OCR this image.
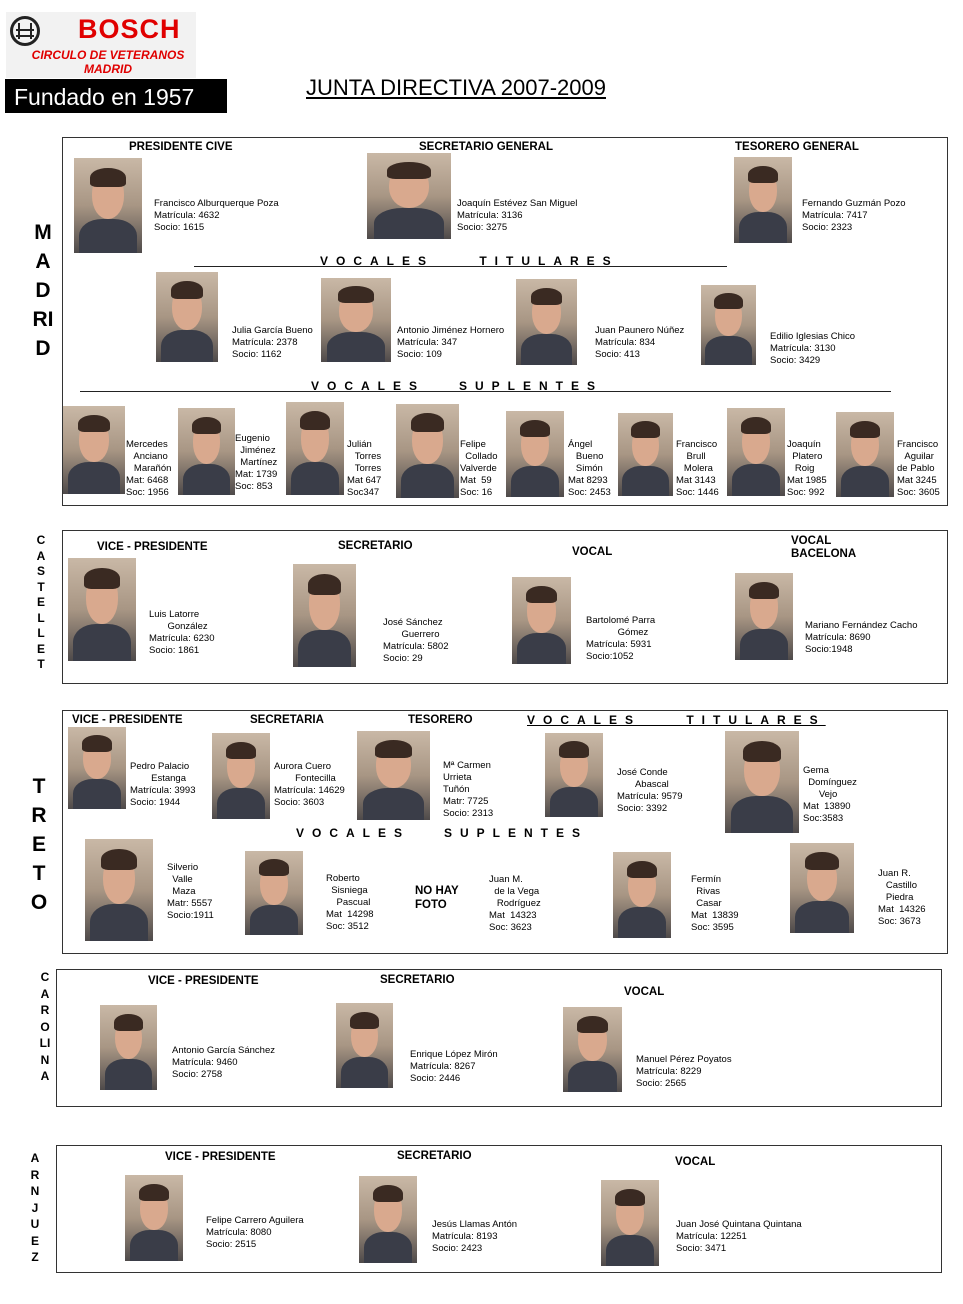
BOSCH
CIRCULO DE VETERANOS
MADRID
Fundado en 1957	JUNTA DIRECTIVA 2007-2009
MADRID
PRESIDENTE CIVE	SECRETARIO GENERAL	TESORERO GENERAL
Francisco Alburquerque Poza
Matrícula: 4632
Socio: 1615
Joaquín Estévez San Miguel
Matrícula: 3136
Socio: 3275
Fernando Guzmán Pozo
Matrícula: 7417
Socio: 2323
VOCALES    TITULARES
Julia García Bueno
Matrícula: 2378
Socio: 1162
Antonio Jiménez Hornero
Matrícula: 347
Socio: 109
Juan Paunero Núñez
Matrícula: 834
Socio: 413
Edilio Iglesias Chico
Matrícula: 3130
Socio: 3429
VOCALES   SUPLENTES
Mercedes
Anciano
Marañón
Mat: 6468
Soc: 1956
Eugenio
Jiménez
Martínez
Mat: 1739
Soc: 853
Julián
Torres
Torres
Mat 647
Soc347
Felipe
Collado
Valverde
Mat  59
Soc: 16
Ángel
Bueno
Simón
Mat 8293
Soc: 2453
Francisco
Brull
Molera
Mat 3143
Soc: 1446
Joaquín
Platero
Roig
Mat 1985
Soc: 992
Francisco
Aguilar
de Pablo
Mat 3245
Soc: 3605
CASTELLET
VICE - PRESIDENTE	SECRETARIO	VOCAL
VOCAL
BACELONA
Luis Latorre
González
Matrícula: 6230
Socio: 1861
José Sánchez
Guerrero
Matrícula: 5802
Socio: 29
Bartolomé Parra
Gómez
Matrícula: 5931
Socio:1052
Mariano Fernández Cacho
Matrícula: 8690
Socio:1948
TRETO
VICE - PRESIDENTE	SECRETARIA	TESORERO	VOCALES    TITULARES
Pedro Palacio
Estanga
Matrícula: 3993
Socio: 1944
Aurora Cuero
Fontecilla
Matrícula: 14629
Socio: 3603
Mª Carmen
Urrieta
Tuñón
Matr: 7725
Socio: 2313
José Conde
Abascal
Matrícula: 9579
Socio: 3392
Gema
Domínguez
Vejo
Mat  13890
Soc:3583
VOCALES   SUPLENTES
Silverio
Valle
Maza
Matr: 5557
Socio:1911
Roberto
Sisniega
Pascual
Mat  14298
Soc: 3512
NO HAY
FOTO
Juan M.
de la Vega
Rodríguez
Mat  14323
Soc: 3623
Fermín
Rivas
Casar
Mat  13839
Soc: 3595
Juan R.
Castillo
Piedra
Mat  14326
Soc: 3673
CAROLINA
VICE - PRESIDENTE	SECRETARIO
VOCAL
Antonio García Sánchez
Matrícula: 9460
Socio: 2758
Enrique López Mirón
Matrícula: 8267
Socio: 2446
Manuel Pérez Poyatos
Matrícula: 8229
Socio: 2565
ARNJUEZ
VICE - PRESIDENTE	SECRETARIO	VOCAL
Felipe Carrero Aguilera
Matrícula: 8080
Socio: 2515
Jesús Llamas Antón
Matrícula: 8193
Socio: 2423
Juan José Quintana Quintana
Matrícula: 12251
Socio: 3471
